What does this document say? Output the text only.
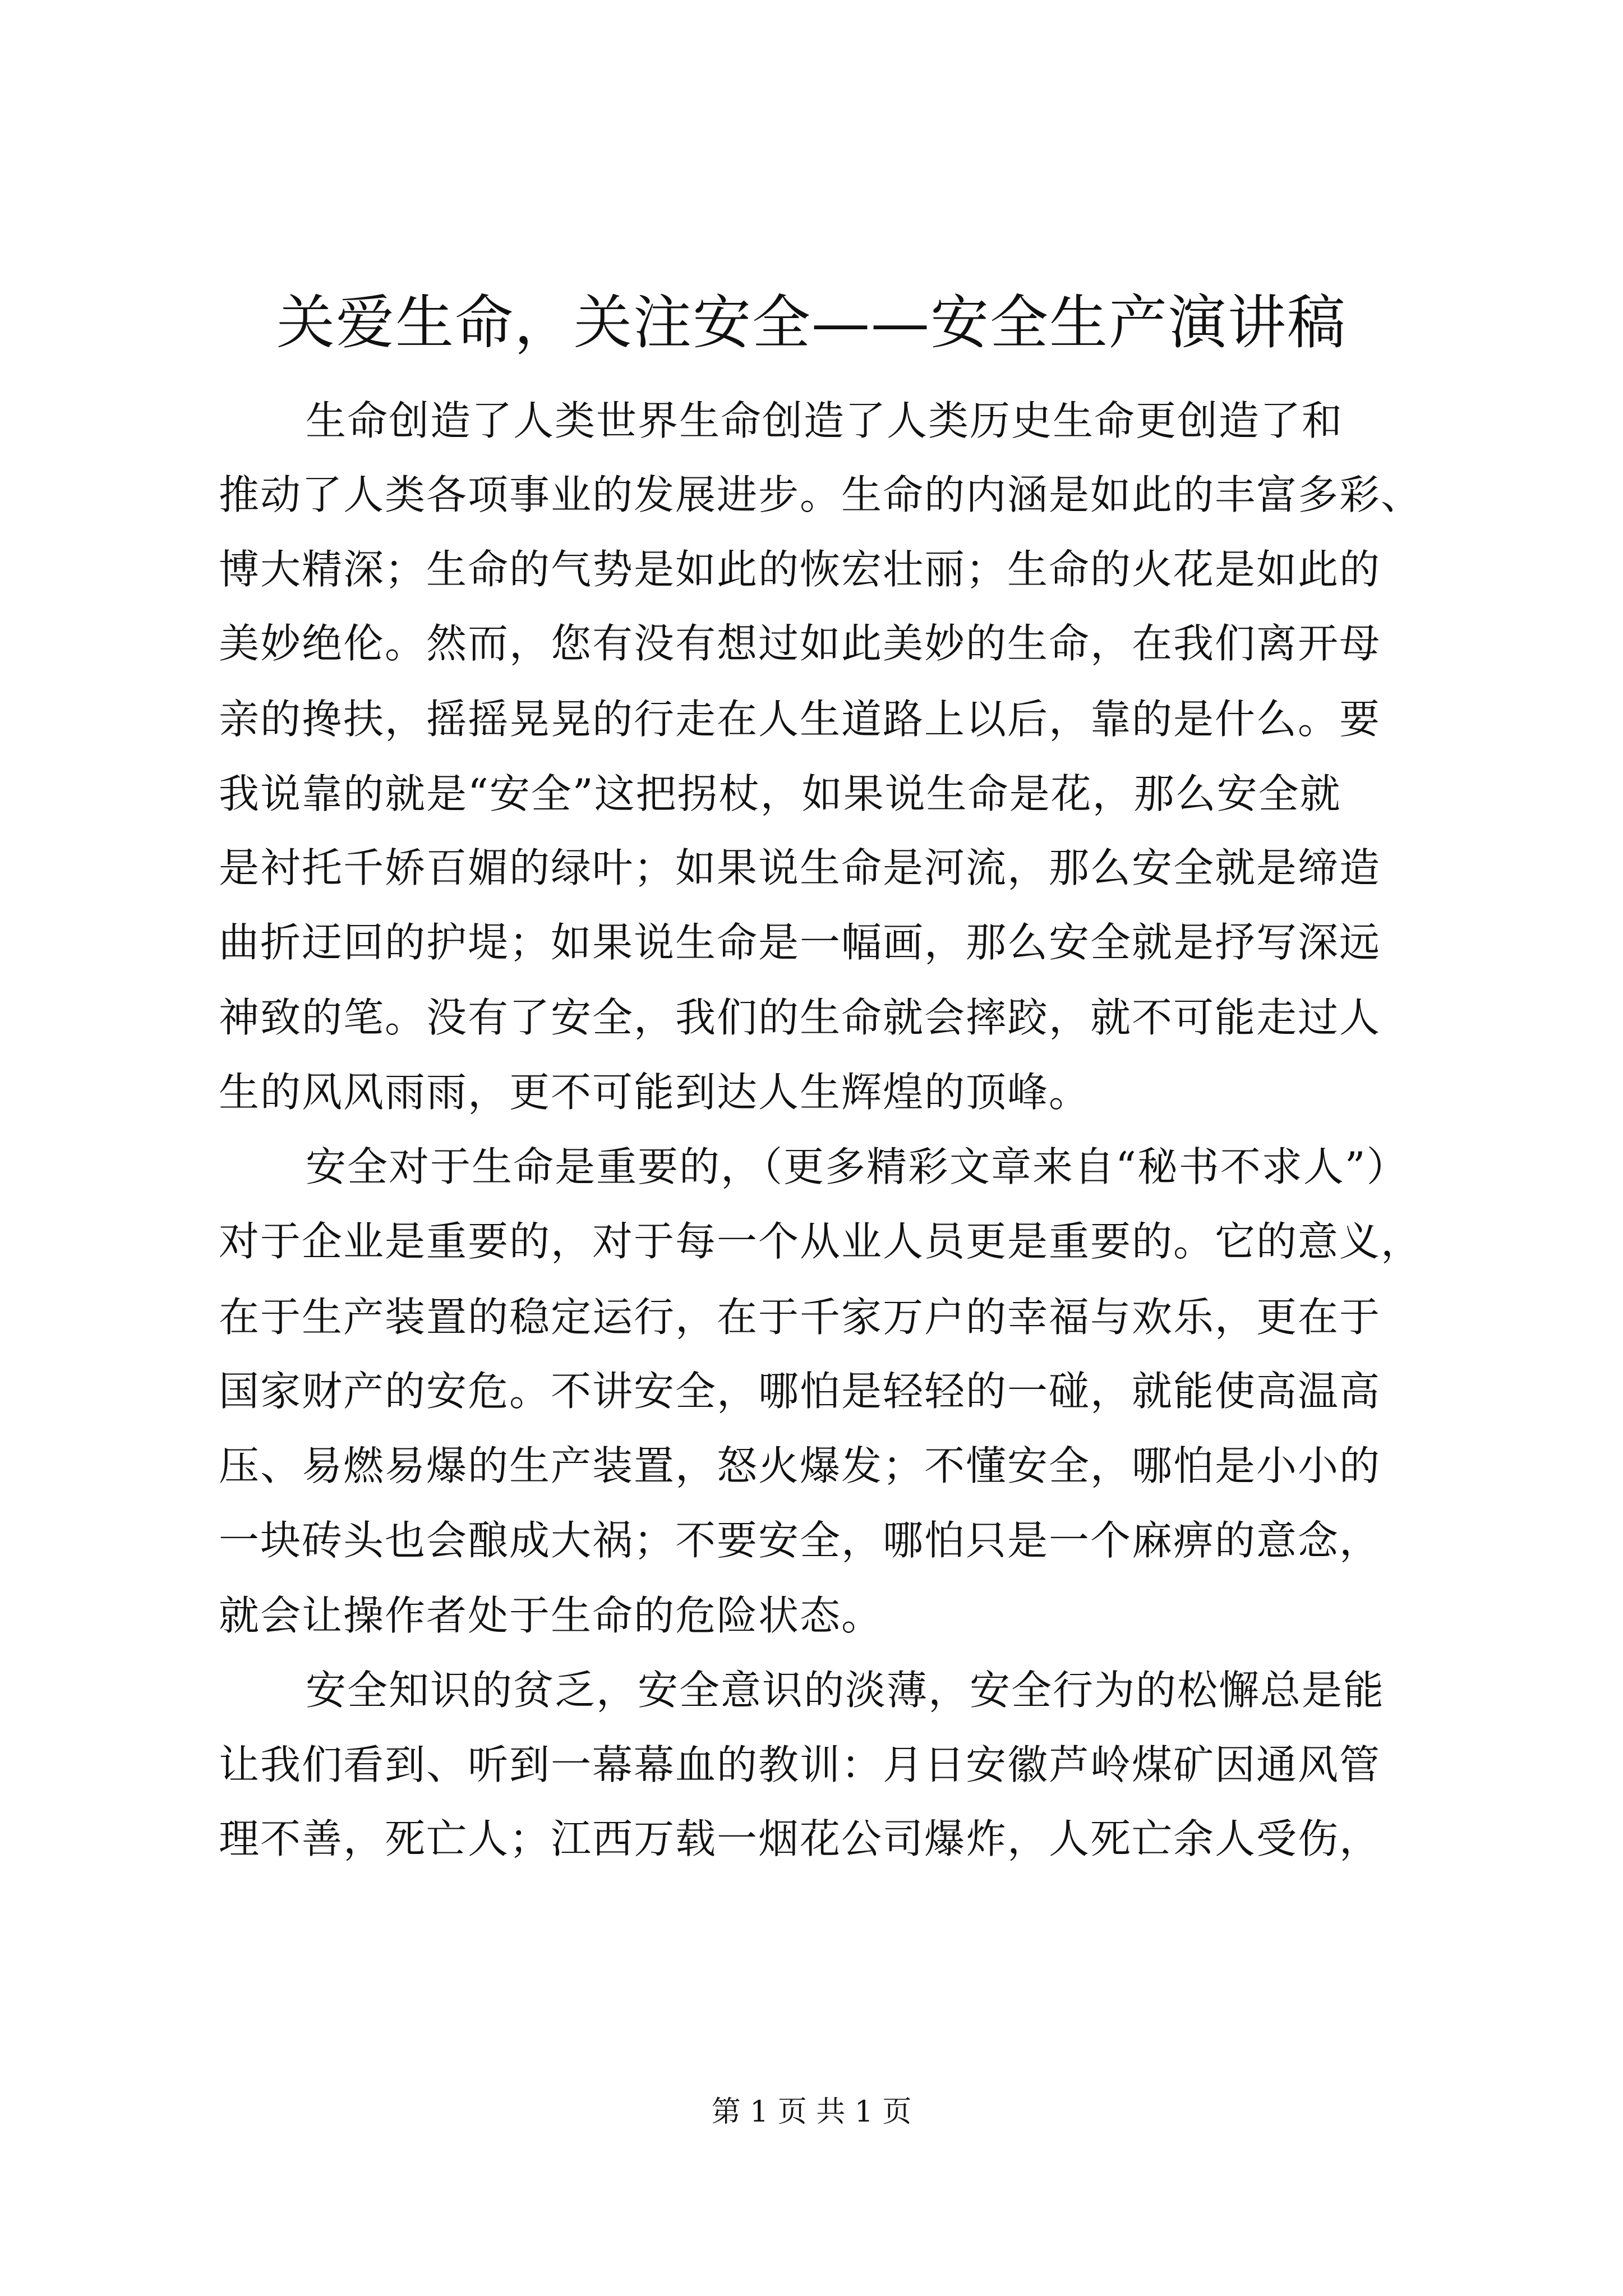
关爱生命，关注安全——安全生产演讲稿

生命创造了人类世界生命创造了人类历史生命更创造了和

推动了人类各项事业的发展进步。生命的内涵是如此的丰富多彩、

博大精深；生命的气势是如此的恢宏壮丽；生命的火花是如此的

美妙绝伦。然而，您有没有想过如此美妙的生命，在我们离开母

亲的搀扶，摇摇晃晃的行走在人生道路上以后，靠的是什么。要

我说靠的就是“安全”这把拐杖，如果说生命是花，那么安全就

是衬托千娇百媚的绿叶；如果说生命是河流，那么安全就是缔造

曲折迂回的护堤；如果说生命是一幅画，那么安全就是抒写深远

神致的笔。没有了安全，我们的生命就会摔跤，就不可能走过人

生的风风雨雨，更不可能到达人生辉煌的顶峰。

安全对于生命是重要的，（更多精彩文章来自“秘书不求人”）

对于企业是重要的，对于每一个从业人员更是重要的。它的意义，

在于生产装置的稳定运行，在于千家万户的幸福与欢乐，更在于

国家财产的安危。不讲安全，哪怕是轻轻的一碰，就能使高温高

压、易燃易爆的生产装置，怒火爆发；不懂安全，哪怕是小小的

一块砖头也会酿成大祸；不要安全，哪怕只是一个麻痹的意念，

就会让操作者处于生命的危险状态。

安全知识的贫乏，安全意识的淡薄，安全行为的松懈总是能

让我们看到、听到一幕幕血的教训：月日安徽芦岭煤矿因通风管

理不善，死亡人；江西万载一烟花公司爆炸，人死亡余人受伤，

第 1 页 共 1 页
